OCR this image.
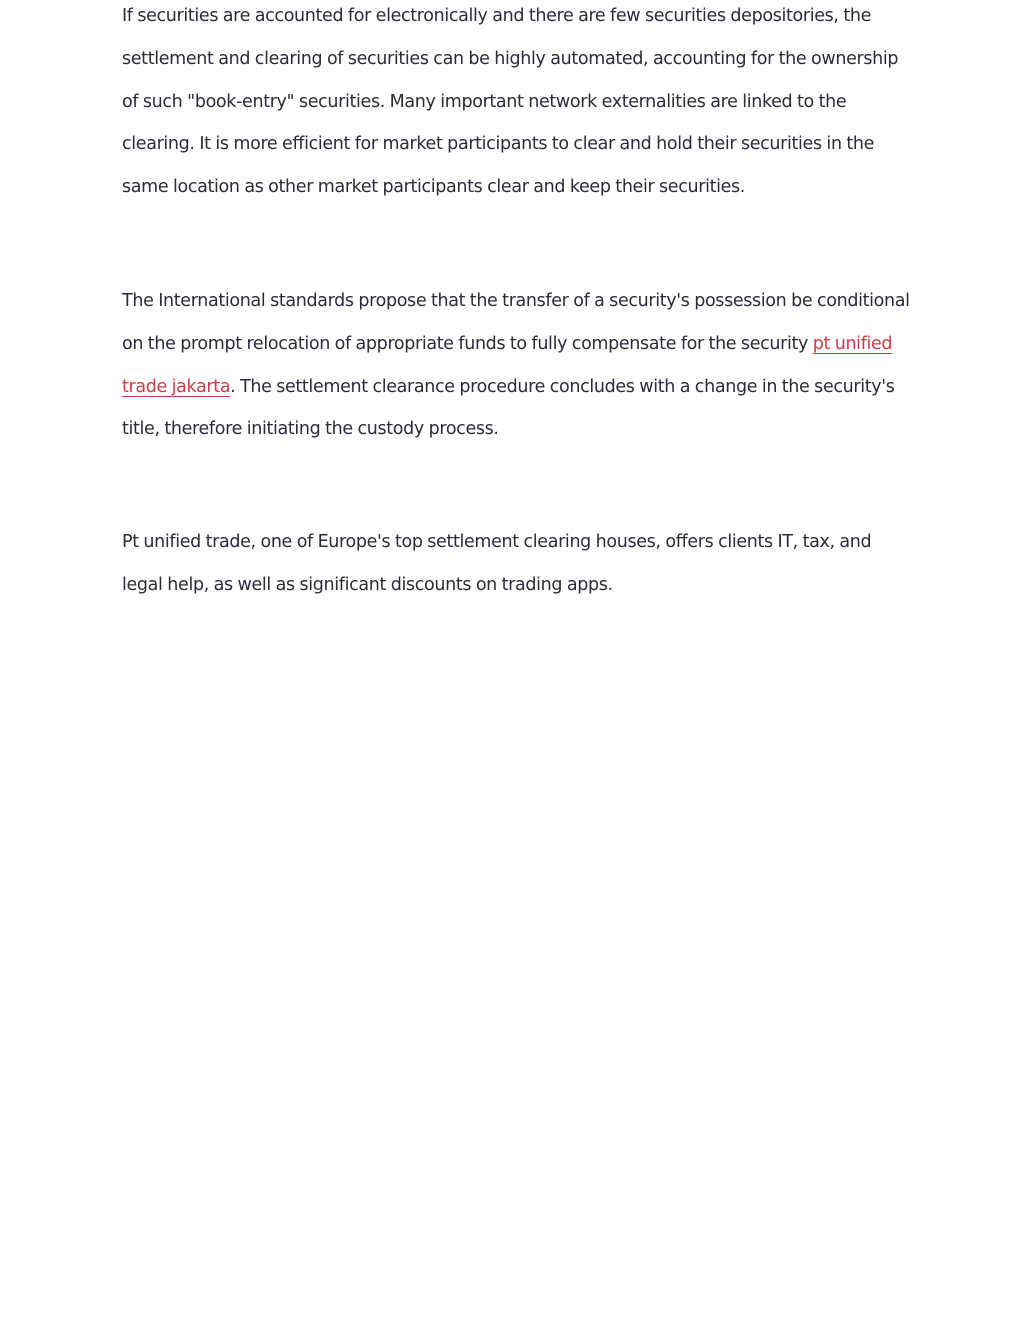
If securities are accounted for electronically and there are few securities depositories, the settlement and clearing of securities can be highly automated, accounting for the ownership of such "book-entry" securities. Many important network externalities are linked to the clearing. It is more efficient for market participants to clear and hold their securities in the same location as other market participants clear and keep their securities.

The International standards propose that the transfer of a security's possession be conditional on the prompt relocation of appropriate funds to fully compensate for the security pt unified trade jakarta. The settlement clearance procedure concludes with a change in the security's title, therefore initiating the custody process.

Pt unified trade, one of Europe's top settlement clearing houses, offers clients IT, tax, and legal help, as well as significant discounts on trading apps.
